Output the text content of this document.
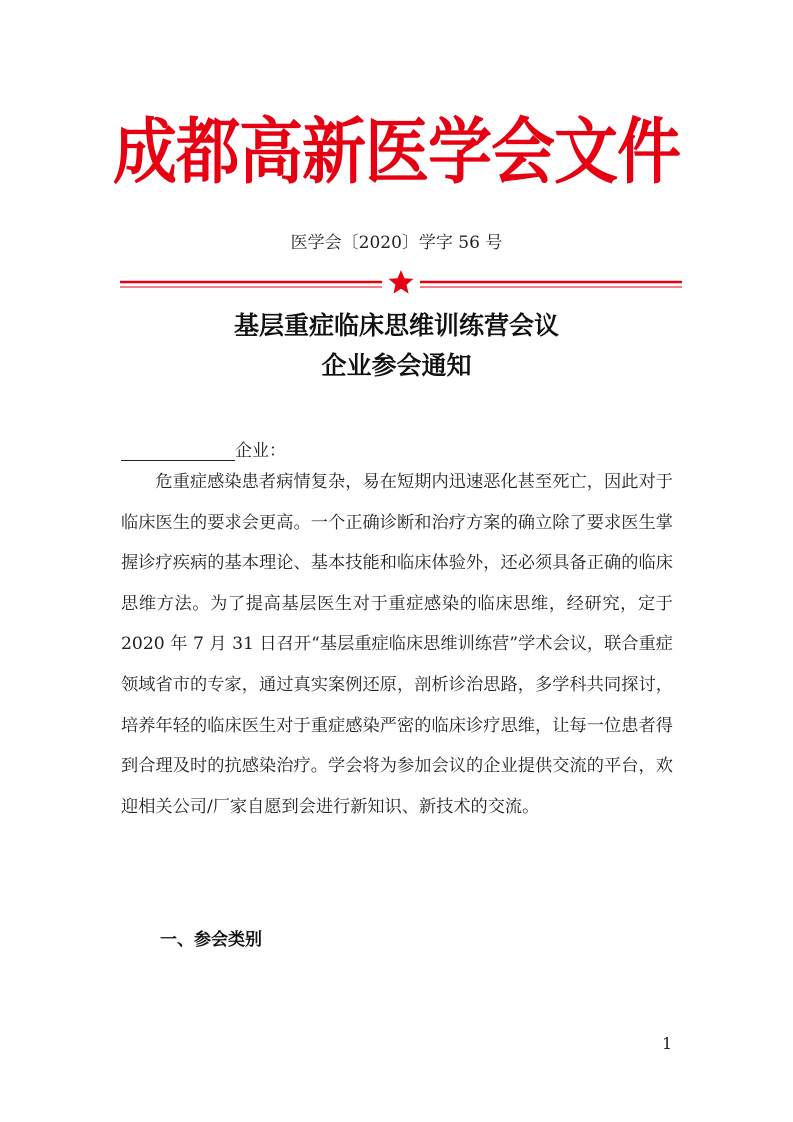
成都高新医学会文件
医学会〔2020〕学字 56 号
基层重症临床思维训练营会议
企业参会通知
企业：

危重症感染患者病情复杂，易在短期内迅速恶化甚至死亡，因此对于临床医生的要求会更高。一个正确诊断和治疗方案的确立除了要求医生掌握诊疗疾病的基本理论、基本技能和临床体验外，还必须具备正确的临床思维方法。为了提高基层医生对于重症感染的临床思维，经研究，定于 2020 年 7 月 31 日召开“基层重症临床思维训练营”学术会议，联合重症领域省市的专家，通过真实案例还原，剖析诊治思路，多学科共同探讨，培养年轻的临床医生对于重症感染严密的临床诊疗思维，让每一位患者得到合理及时的抗感染治疗。学会将为参加会议的企业提供交流的平台，欢迎相关公司/厂家自愿到会进行新知识、新技术的交流。

一、参会类别
1
